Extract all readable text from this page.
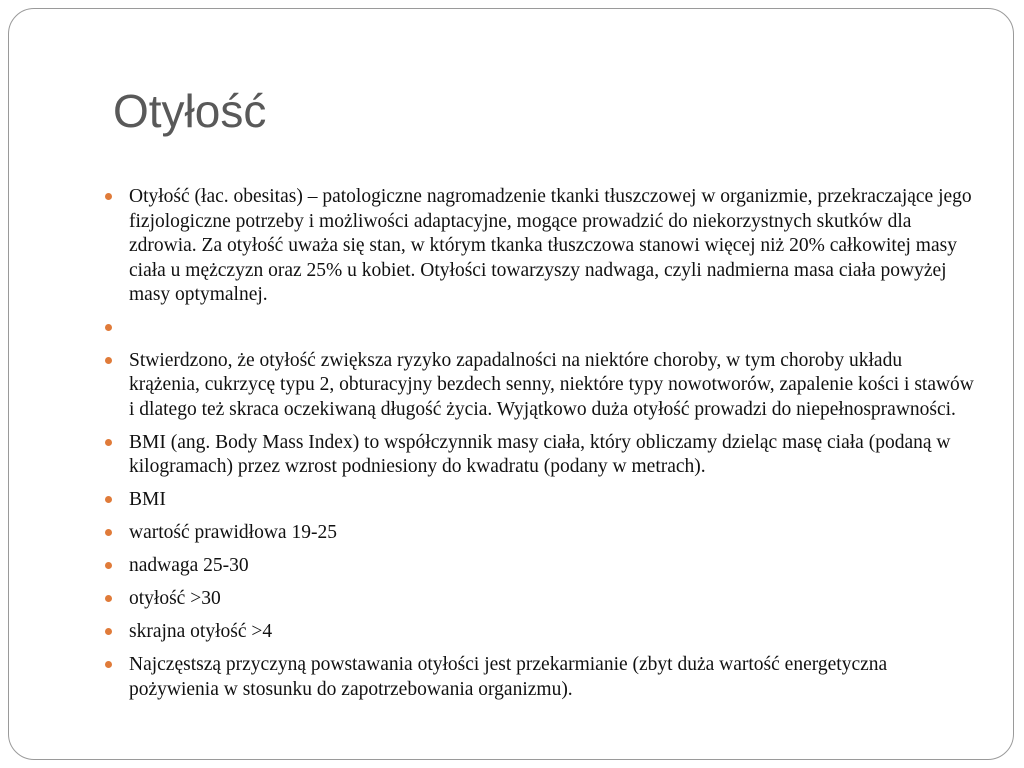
Otyłość
Otyłość (łac. obesitas) – patologiczne nagromadzenie tkanki tłuszczowej w organizmie, przekraczające jego fizjologiczne potrzeby i możliwości adaptacyjne, mogące prowadzić do niekorzystnych skutków dla zdrowia. Za otyłość uważa się stan, w którym tkanka tłuszczowa stanowi więcej niż 20% całkowitej masy ciała u mężczyzn oraz 25% u kobiet. Otyłości towarzyszy nadwaga, czyli nadmierna masa ciała powyżej masy optymalnej.
Stwierdzono, że otyłość zwiększa ryzyko zapadalności na niektóre choroby, w tym choroby układu krążenia, cukrzycę typu 2, obturacyjny bezdech senny, niektóre typy nowotworów, zapalenie kości i stawów i dlatego też skraca oczekiwaną długość życia. Wyjątkowo duża otyłość prowadzi do niepełnosprawności.
BMI (ang. Body Mass Index) to współczynnik masy ciała, który obliczamy dzieląc masę ciała (podaną w kilogramach) przez wzrost podniesiony do kwadratu (podany w metrach).
BMI
wartość prawidłowa 19-25
nadwaga 25-30
otyłość >30
skrajna otyłość >4
Najczęstszą przyczyną powstawania otyłości jest przekarmianie (zbyt duża wartość energetyczna pożywienia w stosunku do zapotrzebowania organizmu).
